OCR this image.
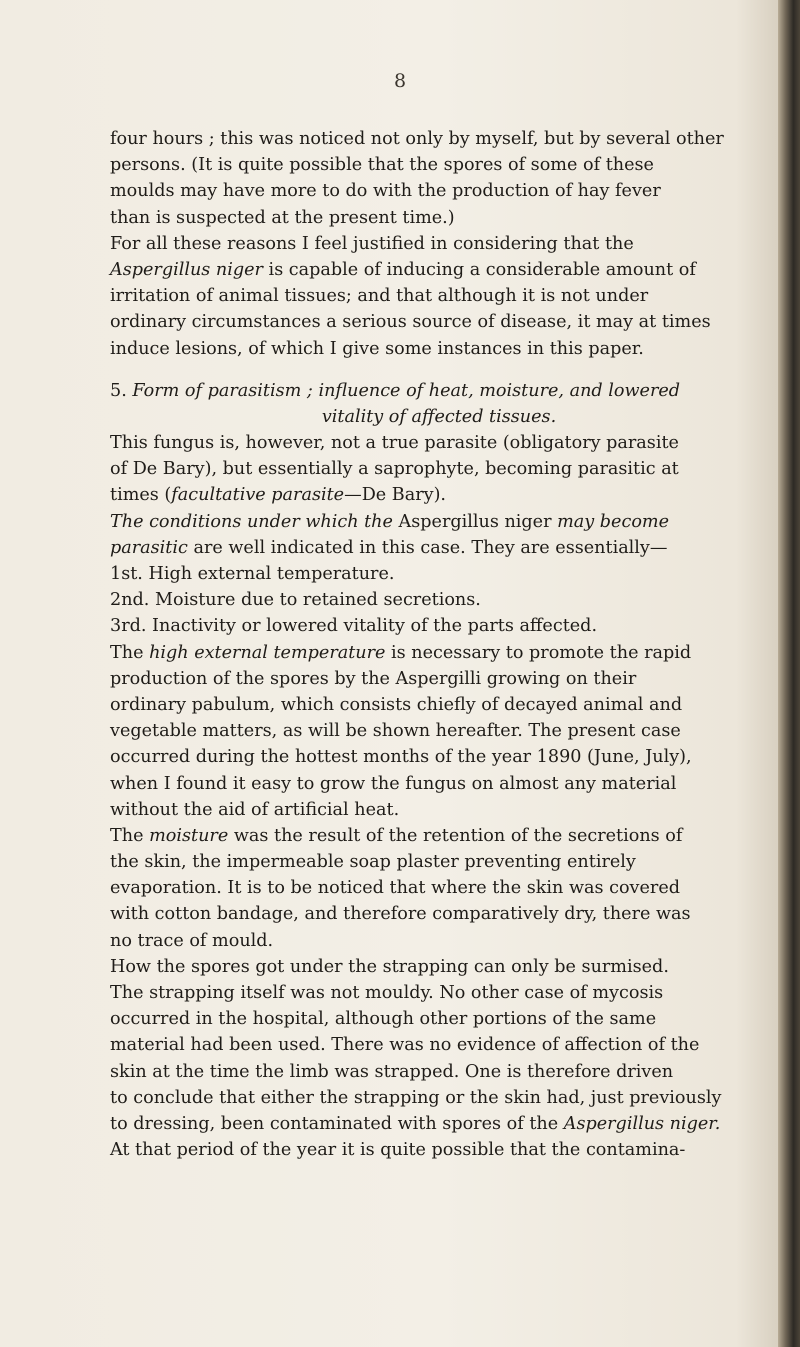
8
four hours ; this was noticed not only by myself, but by several other
persons. (It is quite possible that the spores of some of these
moulds may have more to do with the production of hay fever
than is suspected at the present time.)
For all these reasons I feel justified in considering that the
Aspergillus niger is capable of inducing a considerable amount of
irritation of animal tissues; and that although it is not under
ordinary circumstances a serious source of disease, it may at times
induce lesions, of which I give some instances in this paper.
5. Form of parasitism ; influence of heat, moisture, and lowered
vitality of affected tissues.
This fungus is, however, not a true parasite (obligatory parasite
of De Bary), but essentially a saprophyte, becoming parasitic at
times (facultative parasite—De Bary).
The conditions under which the Aspergillus niger may become
parasitic are well indicated in this case. They are essentially—
1st. High external temperature.
2nd. Moisture due to retained secretions.
3rd. Inactivity or lowered vitality of the parts affected.
The high external temperature is necessary to promote the rapid
production of the spores by the Aspergilli growing on their
ordinary pabulum, which consists chiefly of decayed animal and
vegetable matters, as will be shown hereafter. The present case
occurred during the hottest months of the year 1890 (June, July),
when I found it easy to grow the fungus on almost any material
without the aid of artificial heat.
The moisture was the result of the retention of the secretions of
the skin, the impermeable soap plaster preventing entirely
evaporation. It is to be noticed that where the skin was covered
with cotton bandage, and therefore comparatively dry, there was
no trace of mould.
How the spores got under the strapping can only be surmised.
The strapping itself was not mouldy. No other case of mycosis
occurred in the hospital, although other portions of the same
material had been used. There was no evidence of affection of the
skin at the time the limb was strapped. One is therefore driven
to conclude that either the strapping or the skin had, just previously
to dressing, been contaminated with spores of the Aspergillus niger.
At that period of the year it is quite possible that the contamina-
